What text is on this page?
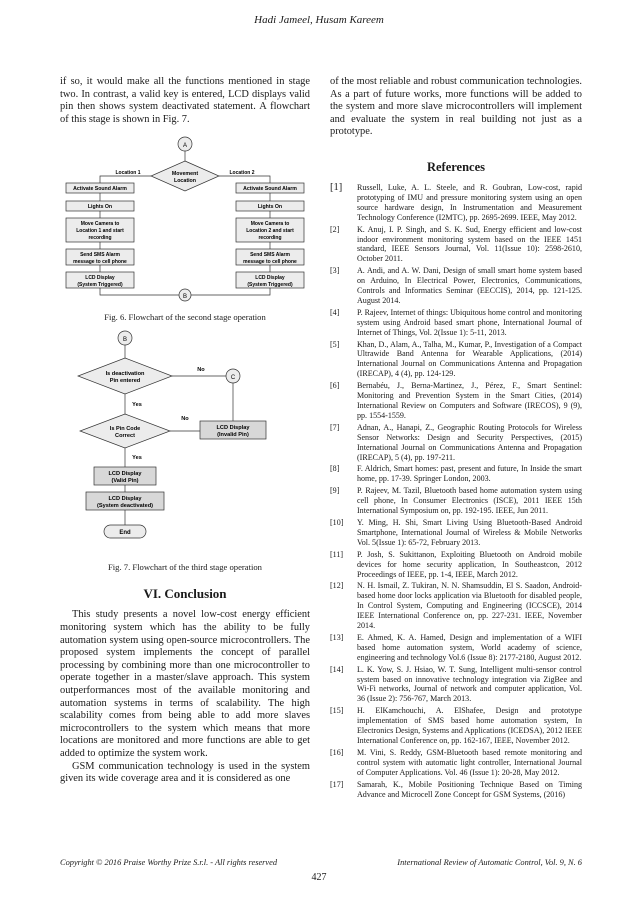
Hadi Jameel, Husam Kareem

if so, it would make all the functions mentioned in stage two. In contrast, a valid key is entered, LCD displays valid pin then shows system deactivated statement. A flowchart of this stage is shown in Fig. 7.

A
Movement
Location
Location 1	Location 2
Activate Sound Alarm
Lights On
Move Camera to
Location 1 and start
recording
Send SMS Alarm
message to cell phone
LCD Display
(System Triggered)
Activate Sound Alarm
Lights On
Move Camera to
Location 2 and start
recording
Send SMS Alarm
message to cell phone
LCD Display
(System Triggered)
B

Fig. 6. Flowchart of the second stage operation

B
Is deactivation
Pin entered
No
C
Yes
Is Pin Code
Correct
No
LCD Display
(Invalid Pin)
Yes
LCD Display
(Valid Pin)
LCD Display
(System deactivated)
End

Fig. 7. Flowchart of the third stage operation

VI. Conclusion

This study presents a novel low-cost energy efficient monitoring system which has the ability to be fully automation system using open-source microcontrollers. The proposed system implements the concept of parallel processing by combining more than one microcontroller to operate together in a master/slave approach. This system outperformances most of the available monitoring and automation systems in terms of scalability. The high scalability comes from being able to add more slaves microcontrollers to the system which means that more locations are monitored and more functions are able to get added to optimize the system work.

GSM communication technology is used in the system given its wide coverage area and it is considered as one

of the most reliable and robust communication technologies. As a part of future works, more functions will be added to the system and more slave microcontrollers will implement and evaluate the system in real building not just as a prototype.

References

[1] Russell, Luke, A. L. Steele, and R. Goubran, Low-cost, rapid prototyping of IMU and pressure monitoring system using an open source hardware design, In Instrumentation and Measurement Technology Conference (I2MTC), pp. 2695-2699. IEEE, May 2012.
[2] K. Anuj, I. P. Singh, and S. K. Sud, Energy efficient and low-cost indoor environment monitoring system based on the IEEE 1451 standard, IEEE Sensors Journal, Vol. 11(Issue 10): 2598-2610, October 2011.
[3] A. Andi, and A. W. Dani, Design of small smart home system based on Arduino, In Electrical Power, Electronics, Communications, Controls and Informatics Seminar (EECCIS), 2014, pp. 121-125. August 2014.
[4] P. Rajeev, Internet of things: Ubiquitous home control and monitoring system using Android based smart phone, International Journal of Internet of Things, Vol. 2(Issue 1): 5-11, 2013.
[5] Khan, D., Alam, A., Talha, M., Kumar, P., Investigation of a Compact Ultrawide Band Antenna for Wearable Applications, (2014) International Journal on Communications Antenna and Propagation (IRECAP), 4 (4), pp. 124-129.
[6] Bernabéu, J., Berna-Martinez, J., Pérez, F., Smart Sentinel: Monitoring and Prevention System in the Smart Cities, (2014) International Review on Computers and Software (IRECOS), 9 (9), pp. 1554-1559.
[7] Adnan, A., Hanapi, Z., Geographic Routing Protocols for Wireless Sensor Networks: Design and Security Perspectives, (2015) International Journal on Communications Antenna and Propagation (IRECAP), 5 (4), pp. 197-211.
[8] F. Aldrich, Smart homes: past, present and future, In Inside the smart home, pp. 17-39. Springer London, 2003.
[9] P. Rajeev, M. Tazil, Bluetooth based home automation system using cell phone, In Consumer Electronics (ISCE), 2011 IEEE 15th International Symposium on, pp. 192-195. IEEE, Jun 2011.
[10] Y. Ming, H. Shi, Smart Living Using Bluetooth-Based Android Smartphone, International Journal of Wireless & Mobile Networks Vol. 5(Issue 1): 65-72, February 2013.
[11] P. Josh, S. Sukittanon, Exploiting Bluetooth on Android mobile devices for home security application, In Southeastcon, 2012 Proceedings of IEEE, pp. 1-4, IEEE, March 2012.
[12] N. H. Ismail, Z. Tukiran, N. N. Shamsuddin, El S. Saadon, Android-based home door locks application via Bluetooth for disabled people, In Control System, Computing and Engineering (ICCSCE), 2014 IEEE International Conference on, pp. 227-231. IEEE, November 2014.
[13] E. Ahmed, K. A. Hamed, Design and implementation of a WIFI based home automation system, World academy of science, engineering and technology Vol.6 (Issue 8): 2177-2180, August 2012.
[14] L. K. Yow, S. J. Hsiao, W. T. Sung, Intelligent multi-sensor control system based on innovative technology integration via ZigBee and Wi-Fi networks, Journal of network and computer application, Vol. 36 (Issue 2): 756-767, March 2013.
[15] H. ElKamchouchi, A. ElShafee, Design and prototype implementation of SMS based home automation system, In Electronics Design, Systems and Applications (ICEDSA), 2012 IEEE International Conference on, pp. 162-167, IEEE, November 2012.
[16] M. Vini, S. Reddy, GSM-Bluetooth based remote monitoring and control system with automatic light controller, International Journal of Computer Applications. Vol. 46 (Issue 1): 20-28, May 2012.
[17] Samarah, K., Mobile Positioning Technique Based on Timing Advance and Microcell Zone Concept for GSM Systems, (2016)
Copyright © 2016 Praise Worthy Prize S.r.l. - All rights reserved	International Review of Automatic Control, Vol. 9, N. 6
427
